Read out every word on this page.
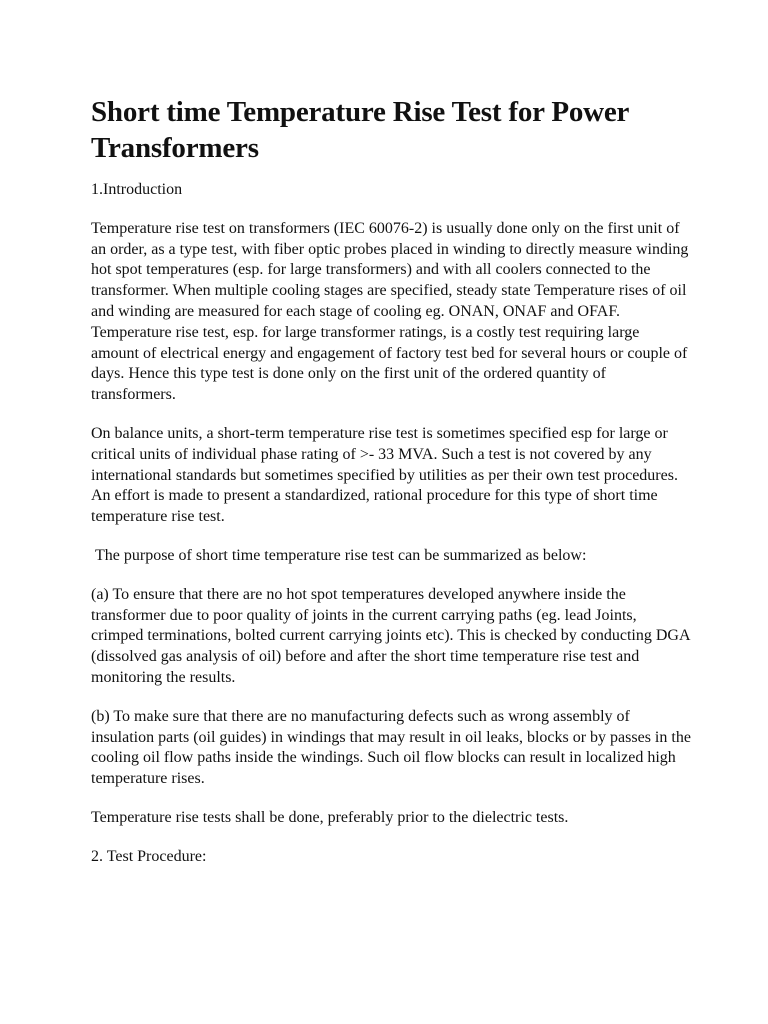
Short time Temperature Rise Test for Power Transformers

1.Introduction

Temperature rise test on transformers (IEC 60076-2) is usually done only on the first unit of an order, as a type test, with fiber optic probes placed in winding to directly measure winding hot spot temperatures (esp. for large transformers) and with all coolers connected to the transformer. When multiple cooling stages are specified, steady state Temperature rises of oil and winding are measured for each stage of cooling eg. ONAN, ONAF and OFAF. Temperature rise test, esp. for large transformer ratings, is a costly test requiring large amount of electrical energy and engagement of factory test bed for several hours or couple of days. Hence this type test is done only on the first unit of the ordered quantity of transformers.

On balance units, a short-term temperature rise test is sometimes specified esp for large or critical units of individual phase rating of >- 33 MVA. Such a test is not covered by any international standards but sometimes specified by utilities as per their own test procedures. An effort is made to present a standardized, rational procedure for this type of short time temperature rise test.

The purpose of short time temperature rise test can be summarized as below:

(a) To ensure that there are no hot spot temperatures developed anywhere inside the transformer due to poor quality of joints in the current carrying paths (eg. lead Joints, crimped terminations, bolted current carrying joints etc). This is checked by conducting DGA (dissolved gas analysis of oil) before and after the short time temperature rise test and monitoring the results.

(b) To make sure that there are no manufacturing defects such as wrong assembly of insulation parts (oil guides) in windings that may result in oil leaks, blocks or by passes in the cooling oil flow paths inside the windings. Such oil flow blocks can result in localized high temperature rises.

Temperature rise tests shall be done, preferably prior to the dielectric tests.

2. Test Procedure:
